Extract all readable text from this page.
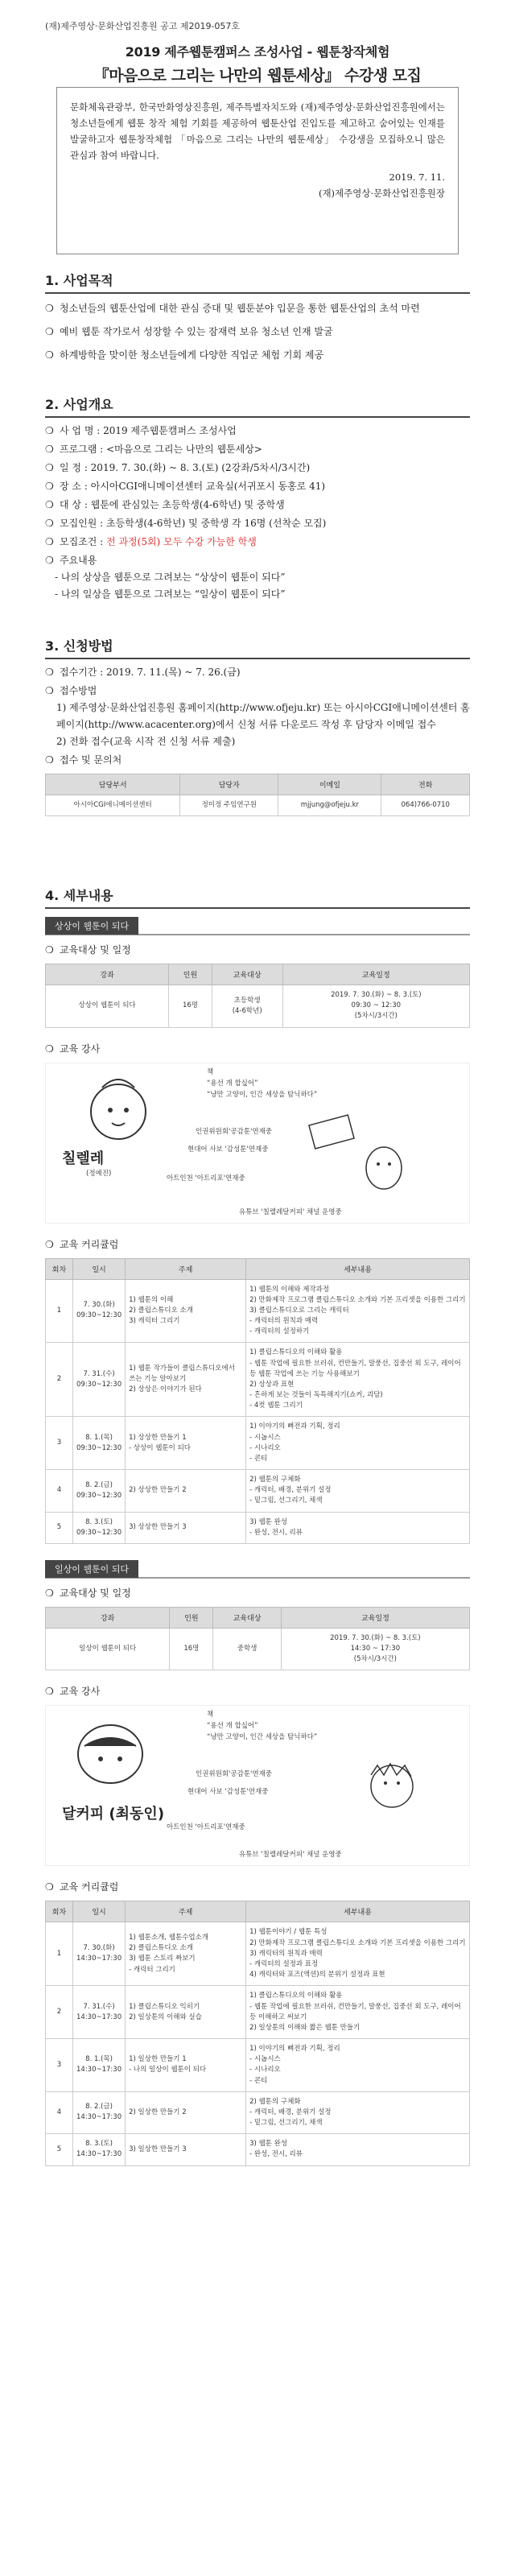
(재)제주영상·문화산업진흥원 공고 제2019-057호
2019 제주웹툰캠퍼스 조성사업 - 웹툰창작체험
『마음으로 그리는 나만의 웹툰세상』 수강생 모집
문화체육관광부, 한국만화영상진흥원, 제주특별자치도와 (재)제주영상·문화산업진흥원에서는 청소년들에게 웹툰 창작 체험 기회를 제공하여 웹툰산업 진입도를 제고하고 숨어있는 인재를 발굴하고자 웹툰창작체험 「마음으로 그리는 나만의 웹툰세상」 수강생을 모집하오니 많은 관심과 참여 바랍니다.
2019. 7. 11.
(재)제주영상·문화산업진흥원장
1. 사업목적
❍ 청소년들의 웹툰산업에 대한 관심 증대 및 웹툰분야 입문을 통한 웹툰산업의 초석 마련
❍ 예비 웹툰 작가로서 성장할 수 있는 잠재력 보유 청소년 인재 발굴
❍ 하계방학을 맞이한 청소년들에게 다양한 직업군 체험 기회 제공
2. 사업개요
❍ 사 업 명 : 2019 제주웹툰캠퍼스 조성사업
❍ 프로그램 : <마음으로 그리는 나만의 웹툰세상>
❍ 일 정 : 2019. 7. 30.(화) ~ 8. 3.(토) (2강좌/5차시/3시간)
❍ 장 소 : 아시아CGI애니메이션센터 교육실(서귀포시 동홍로 41)
❍ 대 상 : 웹툰에 관심있는 초등학생(4-6학년) 및 중학생
❍ 모집인원 : 초등학생(4-6학년) 및 중학생 각 16명 (선착순 모집)
❍ 모집조건 : 전 과정(5회) 모두 수강 가능한 학생
❍ 주요내용
- 나의 상상을 웹툰으로 그려보는 “상상이 웹툰이 되다”
- 나의 일상을 웹툰으로 그려보는 “일상이 웹툰이 되다”
3. 신청방법
❍ 접수기간 : 2019. 7. 11.(목) ~ 7. 26.(금)
❍ 접수방법
1) 제주영상·문화산업진흥원 홈페이지(http://www.ofjeju.kr) 또는 아시아CGI애니메이션센터 홈페이지(http://www.acacenter.org)에서 신청 서류 다운로드 작성 후 담당자 이메일 접수
2) 전화 접수(교육 시작 전 신청 서류 제출)
❍ 접수 및 문의처
담당부서	담당자	이메일	전화
아시아CGI애니메이션센터	정미정 주임연구원	mjjung@ofjeju.kr	064)766-0710
4. 세부내용
상상이 웹툰이 되다
❍ 교육대상 및 일정
강좌	인원	교육대상	교육일정
상상이 웹툰이 되다	16명	초등학생
(4-6학년)	2019. 7. 30.(화) ~ 8. 3.(토)
09:30 ~ 12:30
(5차시/3시간)
❍ 교육 강사
칠렐레
(정예진)
책
“용선 개 합싶어”
“냥만 고양이, 인간 세상을 탐닉하다”
인권위원회'공감툰'연재중
현대어 사보 '감성툰'연재중
아트인천 '아트리포'연재중
유튜브 '칠렐레달커피' 채널 운영중
❍ 교육 커리큘럼
회차	일시	주제	세부내용
1	7. 30.(화)
09:30~12:30	1) 웹툰의 이해
2) 클립스튜디오 소개
3) 캐릭터 그리기	1) 웹툰의 이해와 제작과정
2) 만화제작 프로그램 클립스튜디오 소개와 기본 프리셋을 이용한 그리기
3) 클립스튜디오로 그리는 캐릭터
- 캐릭터의 원칙과 매력
- 캐릭터의 설정하기
2	7. 31.(수)
09:30~12:30	1) 웹툰 작가들이 클립스튜디오에서 쓰는 기능 알아보기
2) 상상은 이야기가 된다	1) 클립스튜디오의 이해와 활용
- 웹툰 작업에 필요한 브러쉬, 컨만들기, 말풍선, 집중선 외 도구, 레이어 등 웹툰 작업에 쓰는 기능 사용해보기
2) 상상과 표현
- 흔하게 보는 것들이 독특해지기(쇼커, 괴담)
- 4컷 웹툰 그리기
3	8. 1.(목)
09:30~12:30	1) 상상한 만들기 1
- 상상이 웹툰이 되다	1) 이야기의 뼈전과 기획, 정리
- 시놉시스
- 시나리오
- 콘티
4	8. 2.(금)
09:30~12:30	2) 상상한 만들기 2	2) 웹툰의 구체화
- 캐릭터, 배경, 분위기 설정
- 밑그림, 선그리기, 채색
5	8. 3.(토)
09:30~12:30	3) 상상한 만들기 3	3) 웹툰 완성
- 완성, 전시, 리뷰
일상이 웹툰이 되다
❍ 교육대상 및 일정
강좌	인원	교육대상	교육일정
일상이 웹툰이 되다	16명	중학생	2019. 7. 30.(화) ~ 8. 3.(토)
14:30 ~ 17:30
(5차시/3시간)
❍ 교육 강사
달커피 (최동인)
책
“용선 개 합싶어”
“냥만 고양이, 인간 세상을 탐닉하다”
인권위원회'공감툰'연재중
현대어 사보 '감성툰'연재중
아트인천 '아트리포'연재중
유튜브 '칠렐레달커피' 채널 운영중
❍ 교육 커리큘럼
회차	일시	주제	세부내용
1	7. 30.(화)
14:30~17:30	1) 웹툰소개, 웹툰수업소개
2) 클립스튜디오 소개
3) 웹툰 스토리 짜보기
- 캐릭터 그리기	1) 웹툰이야기 / 웹툰 특성
2) 만화제작 프로그램 클립스튜디오 소개와 기본 프리셋을 이용한 그리기
3) 캐릭터의 원칙과 매력
- 캐릭터의 설정과 표정
4) 캐릭터와 포즈(액션)의 분위기 설정과 표현
2	7. 31.(수)
14:30~17:30	1) 클립스튜디오 익히기
2) 일상툰의 이해와 실습	1) 클립스튜디오의 이해와 활용
- 웹툰 작업에 필요한 브러쉬, 컨만들기, 말풍선, 집중선 외 도구, 레이어 등 이해하고 써보기
2) 일상툰의 이해와 짧은 웹툰 만들기
3	8. 1.(목)
14:30~17:30	1) 일상한 만들기 1
- 나의 일상이 웹툰이 되다	1) 이야기의 뼈전과 기획, 정리
- 시놉시스
- 시나리오
- 콘티
4	8. 2.(금)
14:30~17:30	2) 일상한 만들기 2	2) 웹툰의 구체화
- 캐릭터, 배경, 분위기 설정
- 밑그림, 선그리기, 채색
5	8. 3.(토)
14:30~17:30	3) 일상한 만들기 3	3) 웹툰 완성
- 완성, 전시, 리뷰
